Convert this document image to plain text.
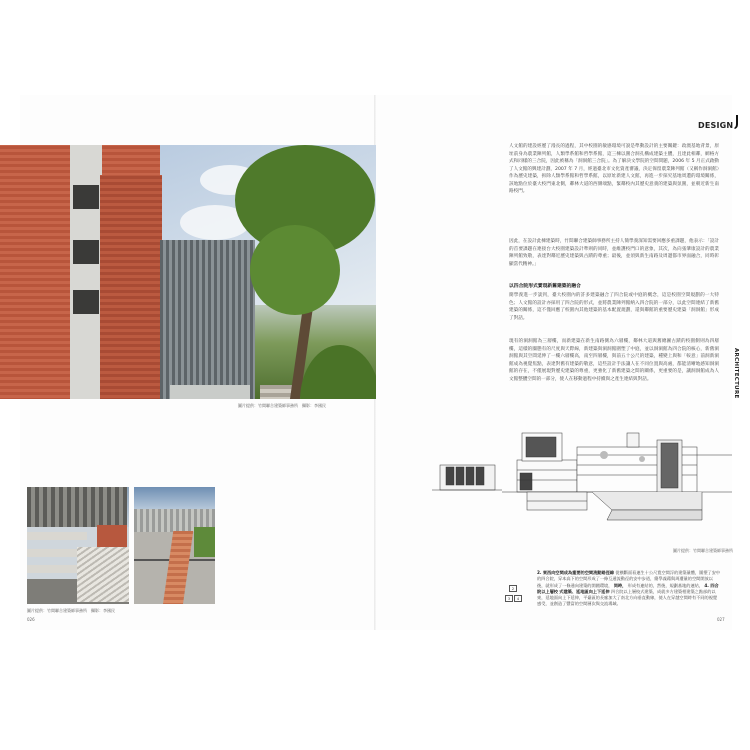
圖片提供：竹間聯合建築師事務所　攝影：李國民
圖片提供：竹間聯合建築師事務所　攝影：李國民
026	027
DESIGN
ARCHITECTURE
人文館的建設經歷了漫長的過程，其中校園的敏感環境可說是準動設計的主要關鍵：政澳基地背景，原址前身為農業陳列館，人類學系館和哲學系館，這三棟以圍合洞孔構成建築主體，且達此相鄰，網格方式和同樣的三合院，因此被稱為「洞洞館三合院」。為了解決文學院的空間問題，2006 年 5 月正式啟動了人文館的興建計劃，2007 年 7 月，經過臺北市文化資產審議，決定保留農業陳列館（又稱作洞洞館）作為歷史建築，拆除人類學系館和哲學系館，以原址新建人文館，再進一步探究基地周遭的環境關係，該地點位於臺大校門東北側，鄰林大道的西側端點，緊鄰校內其歷史意義的建築與氛圍，並朝近新生南路校門。
因此，在設計此棟建築時，竹間聯合建築師事務所主持人簡學義深知需要回應多重課題，他表示：「設計的首要課題在連接台大校園建築設計準則的同時，並維護校門口的意象，其次，為向張肇康設計的農業陳列館致敬，表達對鄰近歷史建築與古蹟的尊重；最後，並須與新生南路及周邊都市界面融合，同時彰顯當代精神。」
以四合院形式實現新舊建築的融合
簡學義進一步談到，臺大校園內的許多建築融合了四合院或中庭的概念，這是校園空間規劃的一大特色；人文館的設計亦採用了四合院的形式，並將農業陳列館納入四合院的一部分，以此空間連結了新舊建築的關係，這不僅回應了校園內其他建築的基本配置規劃，還與鄰館的重要歷史建築「洞洞館」形成了對話。
現有的洞洞館為三層樓，而新建築在新生南路側為六層樓，鄰林大道與舊總圖古蹟的校園側則為四層樓，這樣的團態有的尺度與天際線，新建築與洞洞館圍塑了中庭，並以洞洞館為四合院的核心，新舊洞洞館與其空間延伸了一樓六層樓高，南至四層樓，與前五十公尺的建築，種變上與和「較意」前洞新洞館成為視覺焦點，表達對舊有建築的敬意，這些設計手法讓人在不同位置與高處，都能清晰地感知洞洞館的存在，不僅展現對歷史建築的尊重，更強化了新舊建築之間的關係，更重要的是，讓洞洞館成為人文館整體空間的一部分，使人在移動過程中持續與之產生連結與對話。
圖片提供：竹間聯合建築師事務所
2
3	4
2. 東西向空間成為重要的空間流動路徑線 從橫斷面看連生十公尺寬空間浮的建築量體，圍塑了安中的四合院，穿本高下的空間形成了一條互通流動徑的安中步道，簡學義藉與周遭量的空間開放以後，就形成了一條通向建築的開闊環境， 同時， 形成有連結的，然後，規劃基地的連結， 4. 四合院以上層校 式建築、延地區向上下延伸 四合院以上層校式建築，成就多方建築相建築之點部的以東，延地面向上下延伸，平臺區的長廊加大了南北方向垂直動線，使人在穿越空間時有不同的視覺感受，並創造了豐富的空間層次與交流場域。
